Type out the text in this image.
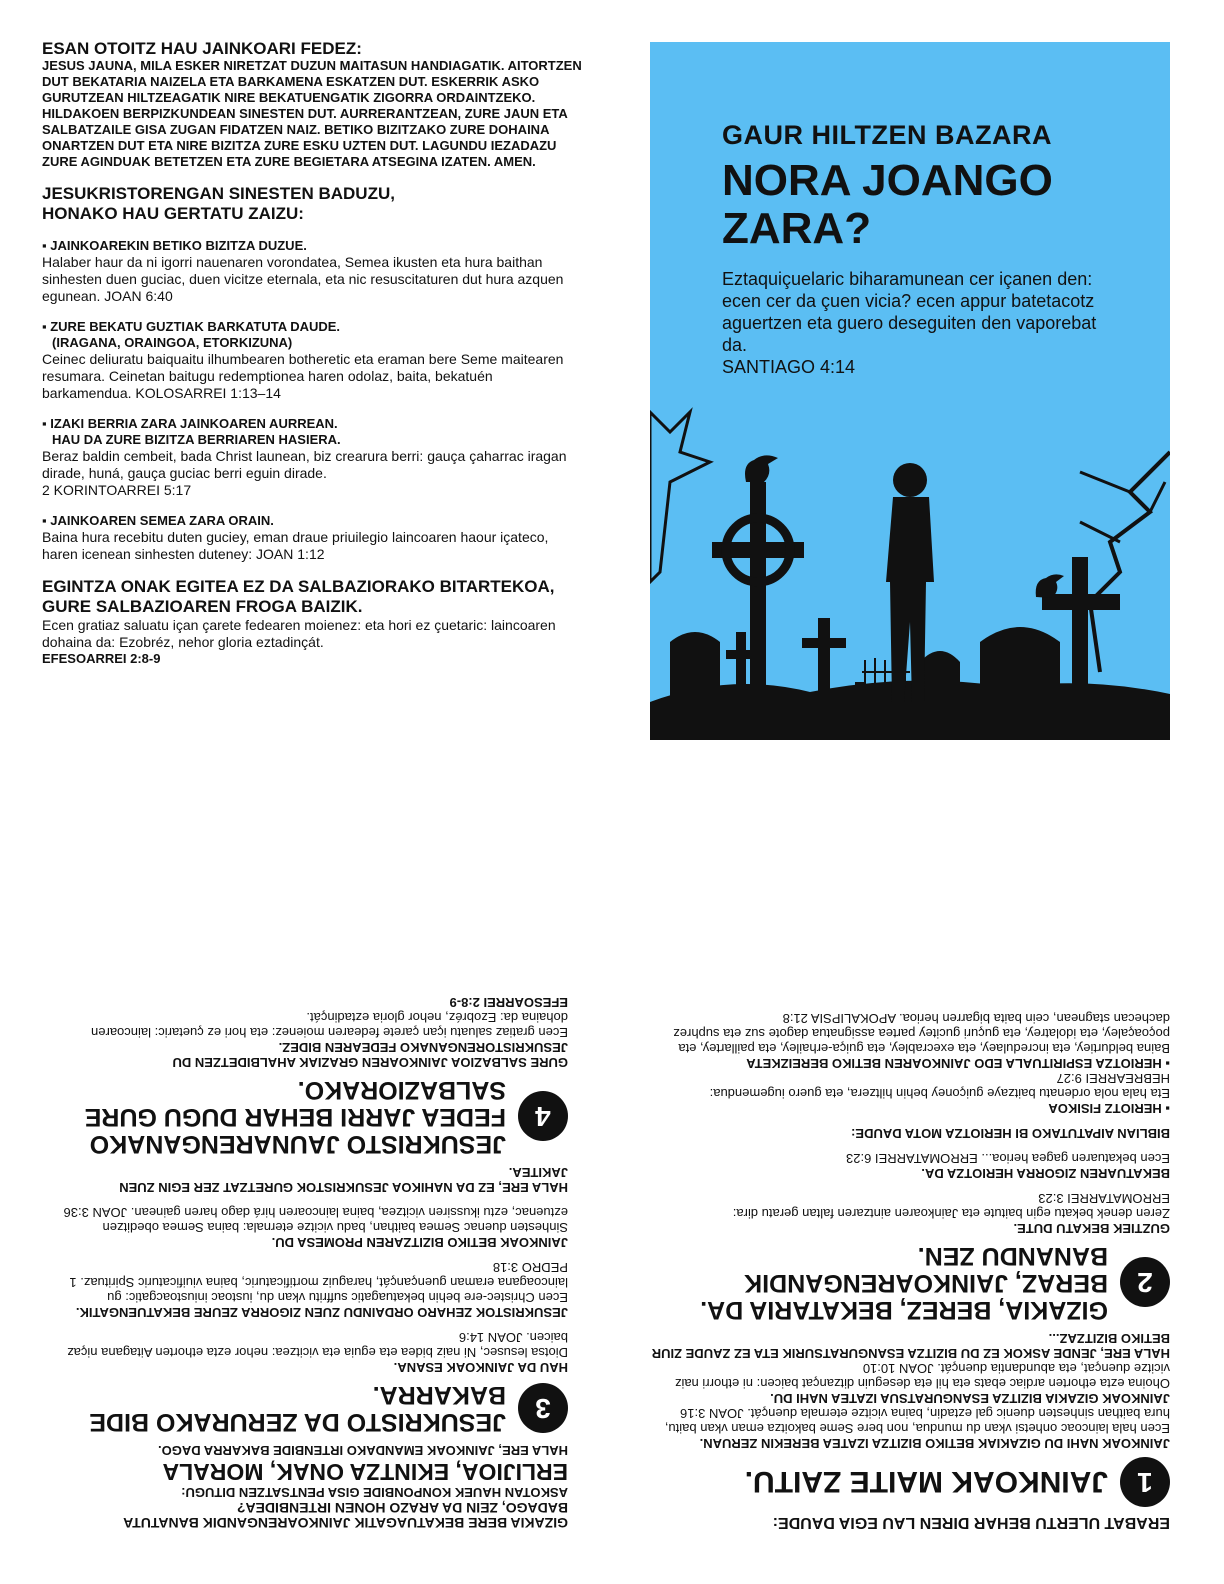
ESAN OTOITZ HAU JAINKOARI FEDEZ:
JESUS JAUNA, MILA ESKER NIRETZAT DUZUN MAITASUN HANDIAGATIK. AITORTZEN DUT BEKATARIA NAIZELA ETA BARKAMENA ESKATZEN DUT. ESKERRIK ASKO GURUTZEAN HILTZEAGATIK NIRE BEKATUENGATIK ZIGORRA ORDAINTZEKO. HILDAKOEN BERPIZKUNDEAN SINESTEN DUT. AURRERANTZEAN, ZURE JAUN ETA SALBATZAILE GISA ZUGAN FIDATZEN NAIZ. BETIKO BIZITZAKO ZURE DOHAINA ONARTZEN DUT ETA NIRE BIZITZA ZURE ESKU UZTEN DUT. LAGUNDU IEZADAZU ZURE AGINDUAK BETETZEN ETA ZURE BEGIETARA ATSEGINA IZATEN. AMEN.
JESUKRISTORENGAN SINESTEN BADUZU,
HONAKO HAU GERTATU ZAIZU:
▪ JAINKOAREKIN BETIKO BIZITZA DUZUE.
Halaber haur da ni igorri nauenaren vorondatea, Semea ikusten eta hura baithan sinhesten duen guciac, duen vicitze eternala, eta nic resuscitaturen dut hura azquen egunean. JOAN 6:40
▪ ZURE BEKATU GUZTIAK BARKATUTA DAUDE.
(IRAGANA, ORAINGOA, ETORKIZUNA)
Ceinec deliuratu baiquaitu ilhumbearen botheretic eta eraman bere Seme maitearen resumara. Ceinetan baitugu redemptionea haren odolaz, baita, bekatuén barkamendua. KOLOSARREI 1:13–14
▪ IZAKI BERRIA ZARA JAINKOAREN AURREAN.
HAU DA ZURE BIZITZA BERRIAREN HASIERA.
Beraz baldin cembeit, bada Christ launean, biz crearura berri: gauça çaharrac iragan dirade, huná, gauça guciac berri eguin dirade.
2 KORINTOARREI 5:17
▪ JAINKOAREN SEMEA ZARA ORAIN.
Baina hura recebitu duten guciey, eman draue priuilegio laincoaren haour içateco, haren icenean sinhesten duteney: JOAN 1:12
EGINTZA ONAK EGITEA EZ DA SALBAZIORAKO BITARTEKOA, GURE SALBAZIOAREN FROGA BAIZIK.
Ecen gratiaz saluatu içan çarete fedearen moienez: eta hori ez çuetaric: laincoaren dohaina da: Ezobréz, nehor gloria eztadinçát.
EFESOARREI 2:8-9
GAUR HILTZEN BAZARA
NORA JOANGO ZARA?
Eztaquiçuelaric biharamunean cer içanen den: ecen cer da çuen vicia? ecen appur batetacotz aguertzen eta guero deseguiten den vaporebat da.
SANTIAGO 4:14
ERABAT ULERTU BEHAR DIREN LAU EGIA DAUDE:
1
JAINKOAK MAITE ZAITU.
JAINKOAK NAHI DU GIZAKIAK BETIKO BIZITZA IZATEA BEREKIN ZERUAN.
Ecen hala laincoac onhetsi vkan du mundua, non bere Seme bakoitza eman vkan baitu, hura baithan sinhesten duenic gal eztadin, baina vicitze eternala duençát. JOAN 3:16
JAINKOAK GIZAKIA BIZITZA ESANGURATSUA IZATEA NAHI DU.
Ohoina ezta ethorten ardiac ebats eta hil eta deseguin ditzançat baicen: ni ethorri naiz vicitze duençat, eta abundantia duençát. JOAN 10:10
HALA ERE, JENDE ASKOK EZ DU BIZITZA ESANGURATSURIK ETA EZ ZAUDE ZIUR BETIKO BIZITZAZ...
2
GIZAKIA, BEREZ, BEKATARIA DA. BERAZ, JAINKOARENGANDIK BANANDU ZEN.
GUZTIEK BEKATU DUTE.
Zeren denek bekatu egin baitute eta Jainkoaren aintzaren faltan geratu dira: ERROMATARREI 3:23
BEKATUAREN ZIGORRA HERIOTZA DA.
Ecen bekatuaren gagea herioa... ERROMATARREI 6:23
BIBLIAN AIPATUTAKO BI HERIOTZA MOTA DAUDE:
▪ HERIOTZ FISIKOA
Eta hala nola ordenatu baitzaye guiçoney behin hiltzera, eta guero iugemendua: HEBREARREI 9:27
▪ HERIOTZA ESPIRITUALA EDO JAINKOAREN BETIKO BEREIZKETA
Baina beldurtiey, eta incredulaey, eta execrabley, eta guiça-erhailey, eta paillartey, eta poçoaçaley, eta idolatrey, eta guçuri gucitey partea assignatua dagote suz eta suphrez dachecan stagnean, cein baita bigarren herioa. APOKALIPSIA 21:8
GIZAKIA BERE BEKATUAGATIK JAINKOARENGANDIK BANATUTA BADAGO, ZEIN DA ARAZO HONEN IRTENBIDEA?
ASKOTAN HAUEK KONPONBIDE GISA PENTSATZEN DITUGU:
ERLIJIOA, EKINTZA ONAK, MORALA
HALA ERE, JAINKOAK EMANDAKO IRTENBIDE BAKARRA DAGO.
3
JESUKRISTO DA ZERURAKO BIDE BAKARRA.
HAU DA JAINKOAK ESANA.
Diotsa lesusec, Ni naiz bidea eta eguia eta vicitzea: nehor ezta ethorten Aitagana niçaz baicen. JOAN 14:6
JESUKRISTOK ZEHARO ORDAINDU ZUEN ZIGORRA ZEURE BEKATUENGATIK.
Ecen Christec-ere behin bekatuagatic suffritu vkan du, iustoac iniustoacgatic: gu laincoagana eraman guençançát, haraguiz mortificaturic, baina viuificaturic Spirituaz. 1 PEDRO 3:18
JAINKOAK BETIKO BIZITZAREN PROMESA DU.
Sinhesten duenac Semea baithan, badu vicitze eternala: baina Semea obeditzen eztuenac, eztu ikussiren vicitzea, baina laincoaren hirá dago haren gainean. JOAN 3:36
HALA ERE, EZ DA NAHIKOA JESUKRISTOK GURETZAT ZER EGIN ZUEN JAKITEA.
4
JESUKRISTO JAUNARENGANAKO FEDEA JARRI BEHAR DUGU GURE SALBAZIORAKO.
GURE SALBAZIOA JAINKOAREN GRAZIAK AHALBIDETZEN DU JESUKRISTORENGANAKO FEDEAREN BIDEZ.
Ecen gratiaz saluatu içan çarete fedearen moienez: eta hori ez çuetaric: laincoaren dohaina da: Ezobréz, nehor gloria eztadinçát.
EFESOARREI 2:8-9
